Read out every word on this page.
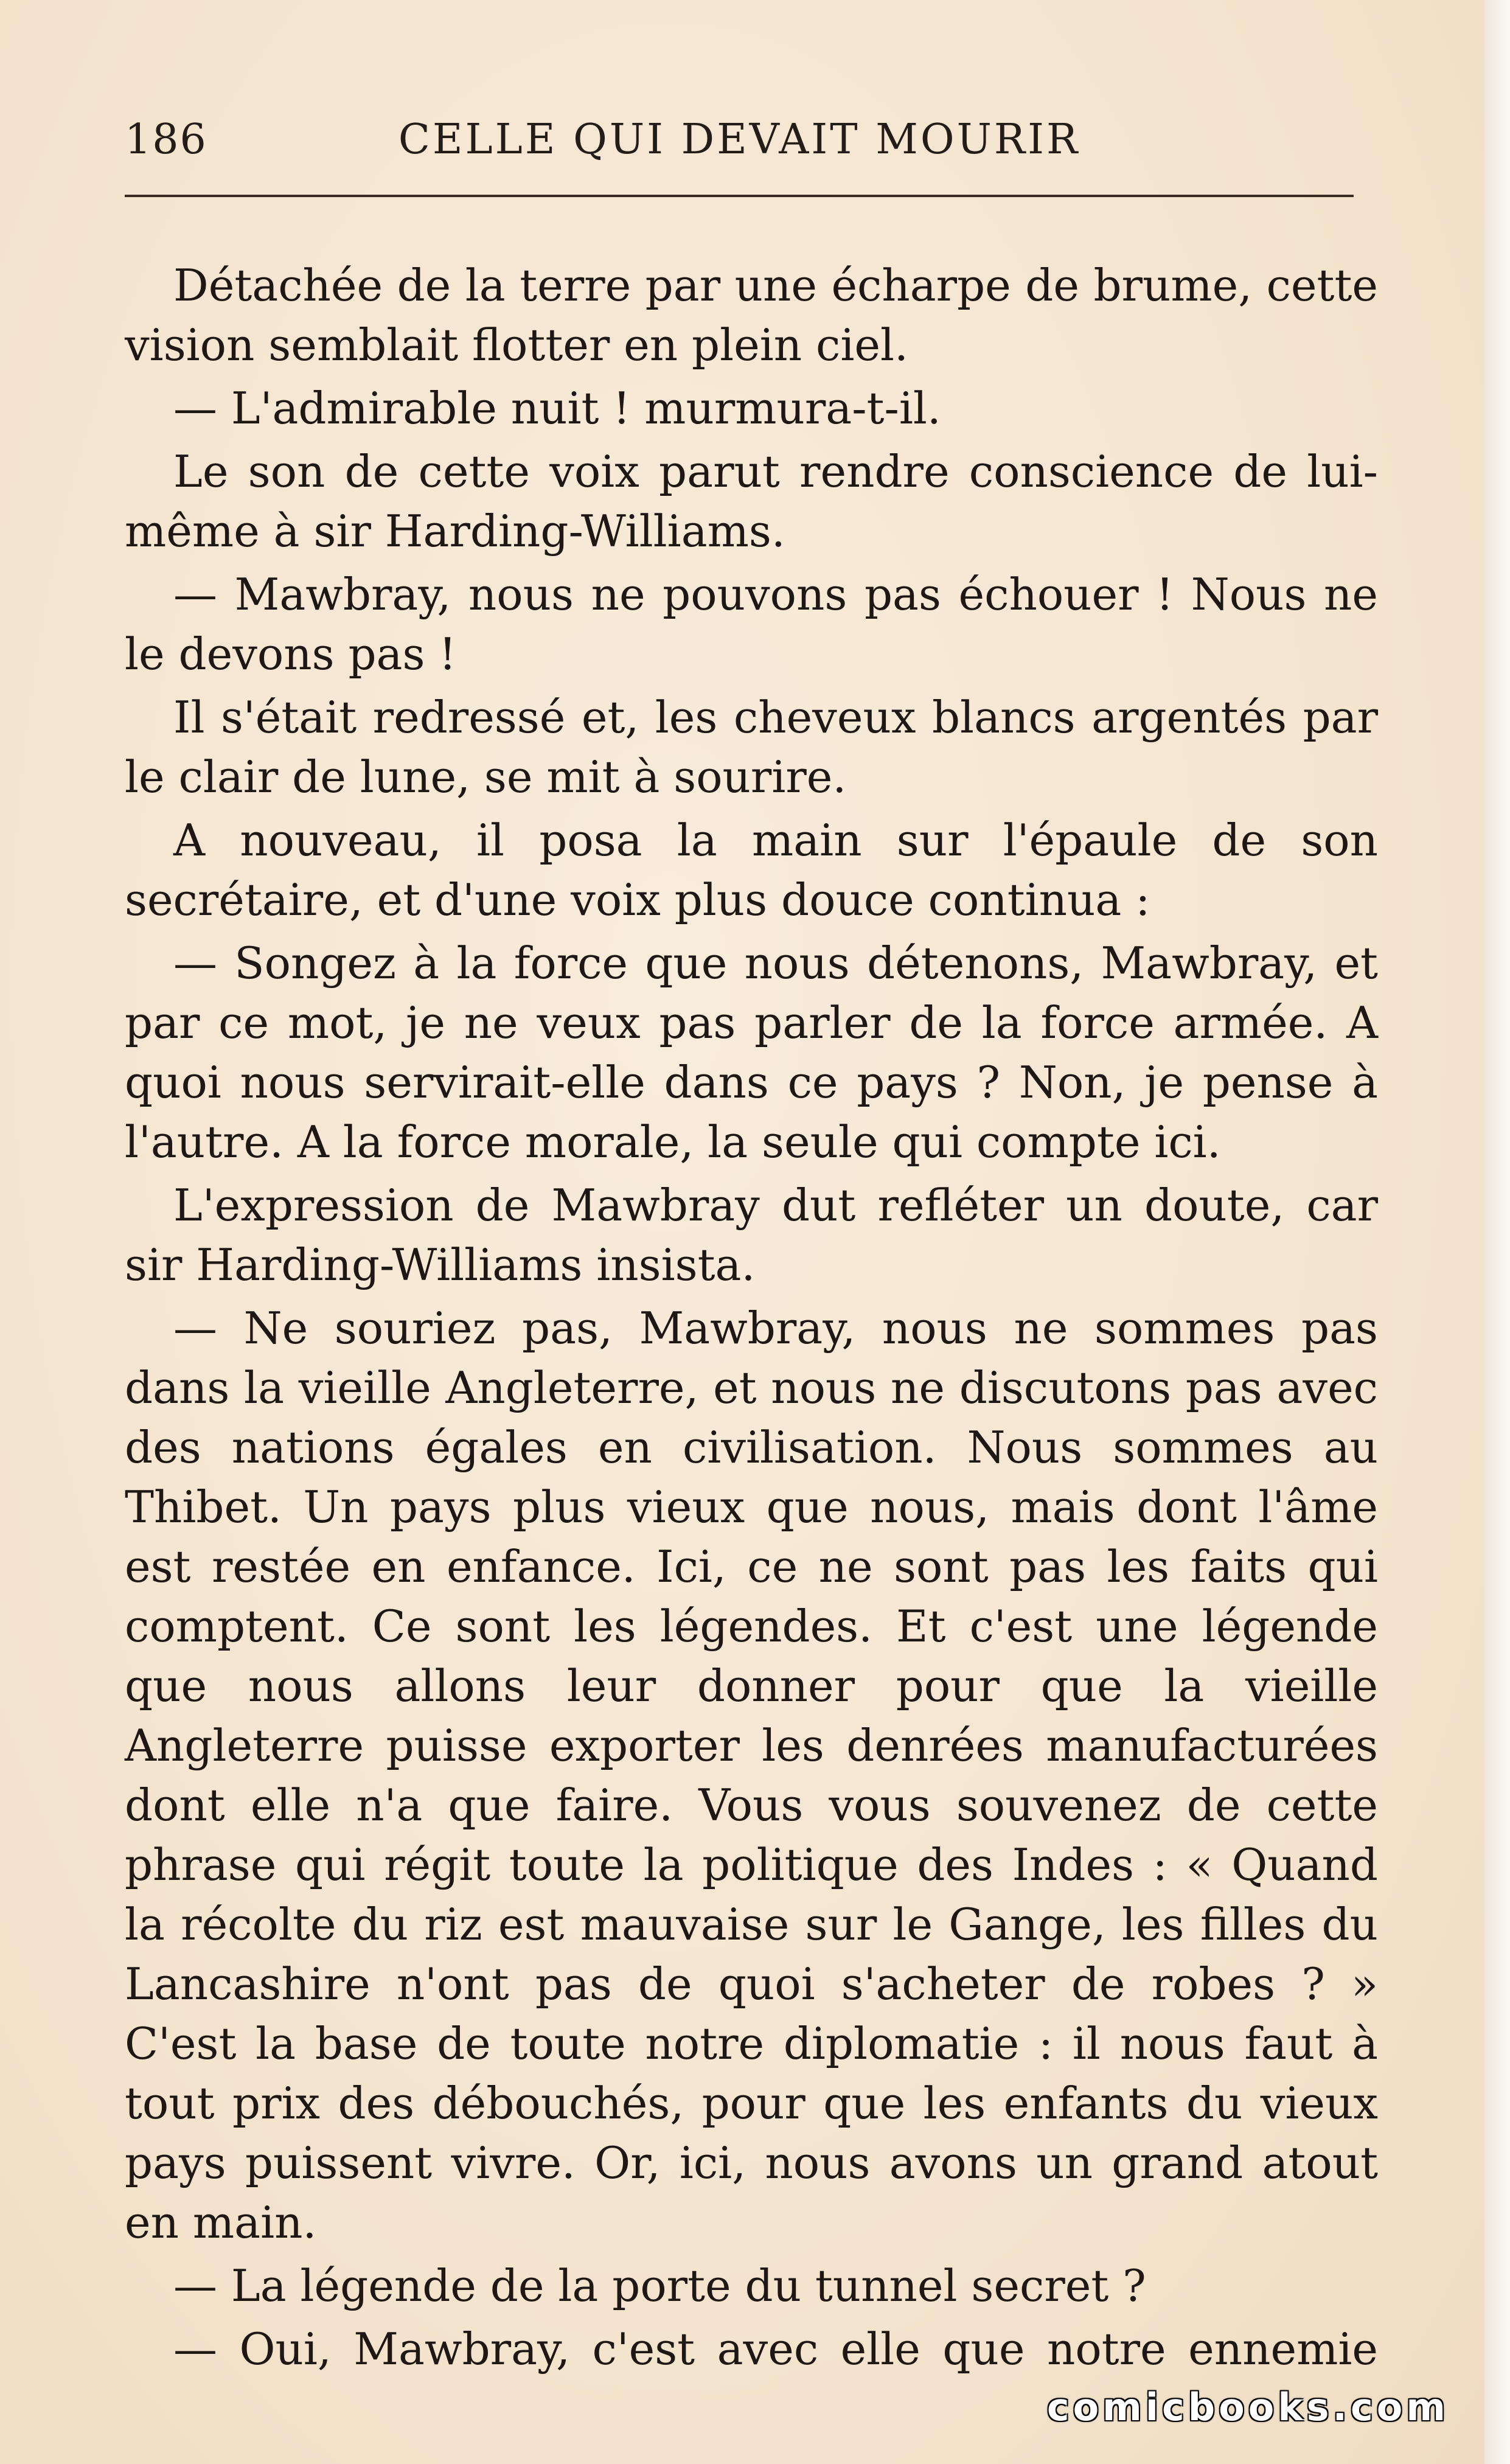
186	CELLE QUI DEVAIT MOURIR

Détachée de la terre par une écharpe de brume, cette vision semblait flotter en plein ciel.

— L'admirable nuit ! murmura-t-il.

Le son de cette voix parut rendre conscience de lui-même à sir Harding-Williams.

— Mawbray, nous ne pouvons pas échouer ! Nous ne le devons pas !

Il s'était redressé et, les cheveux blancs argentés par le clair de lune, se mit à sourire.

A nouveau, il posa la main sur l'épaule de son secrétaire, et d'une voix plus douce continua :

— Songez à la force que nous détenons, Mawbray, et par ce mot, je ne veux pas parler de la force armée. A quoi nous servirait-elle dans ce pays ? Non, je pense à l'autre. A la force morale, la seule qui compte ici.

L'expression de Mawbray dut refléter un doute, car sir Harding-Williams insista.

— Ne souriez pas, Mawbray, nous ne sommes pas dans la vieille Angleterre, et nous ne discutons pas avec des nations égales en civilisation. Nous sommes au Thibet. Un pays plus vieux que nous, mais dont l'âme est restée en enfance. Ici, ce ne sont pas les faits qui comptent. Ce sont les légendes. Et c'est une légende que nous allons leur donner pour que la vieille Angleterre puisse exporter les denrées manufacturées dont elle n'a que faire. Vous vous souvenez de cette phrase qui régit toute la politique des Indes : « Quand la récolte du riz est mauvaise sur le Gange, les filles du Lancashire n'ont pas de quoi s'acheter de robes ? » C'est la base de toute notre diplomatie : il nous faut à tout prix des débouchés, pour que les enfants du vieux pays puissent vivre. Or, ici, nous avons un grand atout en main.

— La légende de la porte du tunnel secret ?

— Oui, Mawbray, c'est avec elle que notre ennemie

comicbooks.com
